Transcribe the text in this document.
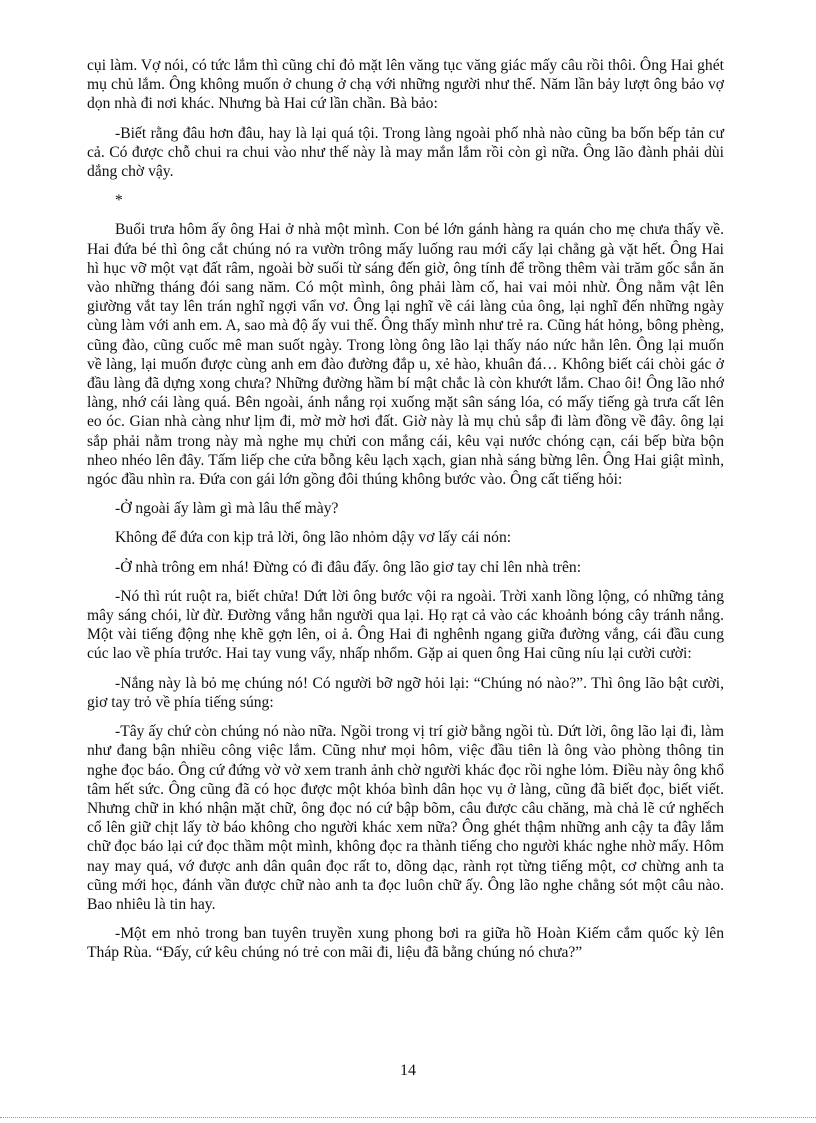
cụi làm. Vợ nói, có tức lắm thì cũng chỉ đỏ mặt lên văng tục văng giác mấy câu rồi thôi. Ông Hai ghét mụ chủ lắm. Ông không muốn ở chung ở chạ với những người như thế. Năm lần bảy lượt ông bảo vợ dọn nhà đi nơi khác. Nhưng bà Hai cứ lần chần. Bà bảo:

-Biết rằng đâu hơn đâu, hay là lại quá tội. Trong làng ngoài phố nhà nào cũng ba bốn bếp tản cư cả. Có được chỗ chui ra chui vào như thế này là may mắn lắm rồi còn gì nữa. Ông lão đành phải dùi dắng chờ vậy.

*

Buổi trưa hôm ấy ông Hai ở nhà một mình. Con bé lớn gánh hàng ra quán cho mẹ chưa thấy về. Hai đứa bé thì ông cắt chúng nó ra vườn trông mấy luống rau mới cấy lại chẳng gà vặt hết. Ông Hai hì hục vỡ một vạt đất râm, ngoài bờ suối từ sáng đến giờ, ông tính để trồng thêm vài trăm gốc sắn ăn vào những tháng đói sang năm. Có một mình, ông phải làm cố, hai vai mỏi nhừ. Ông nằm vật lên giường vắt tay lên trán nghĩ ngợi vẩn vơ. Ông lại nghĩ về cái làng của ông, lại nghĩ đến những ngày cùng làm với anh em. A, sao mà độ ấy vui thế. Ông thấy mình như trẻ ra. Cũng hát hỏng, bông phèng, cũng đào, cũng cuốc mê man suốt ngày. Trong lòng ông lão lại thấy náo nức hẳn lên. Ông lại muốn về làng, lại muốn được cùng anh em đào đường đắp u, xẻ hào, khuân đá… Không biết cái chòi gác ở đầu làng đã dựng xong chưa? Những đường hầm bí mật chắc là còn khướt lắm. Chao ôi! Ông lão nhớ làng, nhớ cái làng quá. Bên ngoài, ánh nắng rọi xuống mặt sân sáng lóa, có mấy tiếng gà trưa cất lên eo óc. Gian nhà càng như lịm đi, mờ mờ hơi đất. Giờ này là mụ chủ sắp đi làm đồng về đây. ông lại sắp phải nằm trong này mà nghe mụ chửi con mắng cái, kêu vại nước chóng cạn, cái bếp bừa bộn nheo nhéo lên đây. Tấm liếp che cửa bỗng kêu lạch xạch, gian nhà sáng bừng lên. Ông Hai giật mình, ngóc đầu nhìn ra. Đứa con gái lớn gồng đôi thúng không bước vào. Ông cất tiếng hỏi:

-Ở ngoài ấy làm gì mà lâu thế mày?

Không để đứa con kịp trả lời, ông lão nhỏm dậy vơ lấy cái nón:

-Ở nhà trông em nhá! Đừng có đi đâu đấy. ông lão giơ tay chỉ lên nhà trên:

-Nó thì rút ruột ra, biết chửa! Dứt lời ông bước vội ra ngoài. Trời xanh lồng lộng, có những tảng mây sáng chói, lừ đừ. Đường vắng hẳn người qua lại. Họ rạt cả vào các khoảnh bóng cây tránh nắng. Một vài tiếng động nhẹ khẽ gợn lên, oi ả. Ông Hai đi nghênh ngang giữa đường vắng, cái đầu cung cúc lao về phía trước. Hai tay vung vẩy, nhấp nhổm. Gặp ai quen ông Hai cũng níu lại cười cười:

-Nắng này là bỏ mẹ chúng nó! Có người bỡ ngỡ hỏi lại: “Chúng nó nào?”. Thì ông lão bật cười, giơ tay trỏ về phía tiếng súng:

-Tây ấy chứ còn chúng nó nào nữa. Ngồi trong vị trí giờ bằng ngồi tù. Dứt lời, ông lão lại đi, làm như đang bận nhiều công việc lắm. Cũng như mọi hôm, việc đầu tiên là ông vào phòng thông tin nghe đọc báo. Ông cứ đứng vờ vờ xem tranh ảnh chờ người khác đọc rồi nghe lỏm. Điều này ông khổ tâm hết sức. Ông cũng đã có học được một khóa bình dân học vụ ở làng, cũng đã biết đọc, biết viết. Nhưng chữ in khó nhận mặt chữ, ông đọc nó cứ bập bõm, câu được câu chăng, mà chả lẽ cứ nghếch cổ lên giữ chịt lấy tờ báo không cho người khác xem nữa? Ông ghét thậm những anh cậy ta đây lắm chữ đọc báo lại cứ đọc thầm một mình, không đọc ra thành tiếng cho người khác nghe nhờ mấy. Hôm nay may quá, vớ được anh dân quân đọc rất to, dõng dạc, rành rọt từng tiếng một, cơ chừng anh ta cũng mới học, đánh vần được chữ nào anh ta đọc luôn chữ ấy. Ông lão nghe chẳng sót một câu nào. Bao nhiêu là tin hay.

-Một em nhỏ trong ban tuyên truyền xung phong bơi ra giữa hồ Hoàn Kiếm cắm quốc kỳ lên Tháp Rùa. “Đấy, cứ kêu chúng nó trẻ con mãi đi, liệu đã bằng chúng nó chưa?”

14
